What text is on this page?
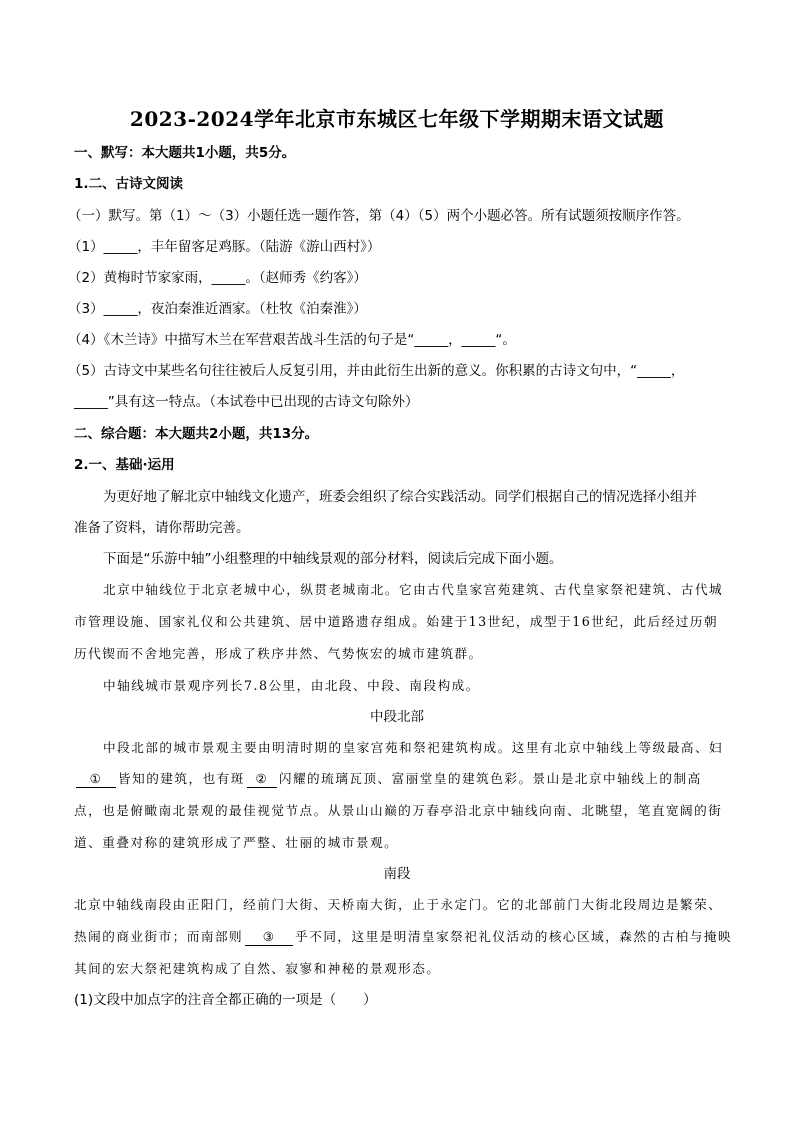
2023-2024学年北京市东城区七年级下学期期末语文试题
一、默写：本大题共1小题，共5分。
1.二、古诗文阅读
（一）默写。第（1）～（3）小题任选一题作答，第（4）（5）两个小题必答。所有试题须按顺序作答。
（1）_____，丰年留客足鸡豚。（陆游《游山西村》）
（2）黄梅时节家家雨，_____。（赵师秀《约客》）
（3）_____，夜泊秦淮近酒家。（杜牧《泊秦淮》）
（4）《木兰诗》中描写木兰在军营艰苦战斗生活的句子是“_____，_____“。
（5）古诗文中某些名句往往被后人反复引用，并由此衍生出新的意义。你积累的古诗文句中，“_____，
_____”具有这一特点。（本试卷中已出现的古诗文句除外）
二、综合题：本大题共2小题，共13分。
2.一、基础·运用
为更好地了解北京中轴线文化遗产，班委会组织了综合实践活动。同学们根据自己的情况选择小组并
准备了资料，请你帮助完善。
下面是“乐游中轴”小组整理的中轴线景观的部分材料，阅读后完成下面小题。
北京中轴线位于北京老城中心，纵贯老城南北。它由古代皇家宫苑建筑、古代皇家祭祀建筑、古代城
市管理设施、国家礼仪和公共建筑、居中道路遗存组成。始建于13世纪，成型于16世纪，此后经过历朝
历代锲而不舍地完善，形成了秩序井然、气势恢宏的城市建筑群。
中轴线城市景观序列长7.8公里，由北段、中段、南段构成。
中段北部
中段北部的城市景观主要由明清时期的皇家宫苑和祭祀建筑构成。这里有北京中轴线上等级最高、妇
① 皆知的建筑，也有斑 ② 闪耀的琉璃瓦顶、富丽堂皇的建筑色彩。景山是北京中轴线上的制高
点，也是俯瞰南北景观的最佳视觉节点。从景山山巅的万春亭沿北京中轴线向南、北眺望，笔直宽阔的街
道、重叠对称的建筑形成了严整、壮丽的城市景观。
南段
北京中轴线南段由正阳门，经前门大街、天桥南大街，止于永定门。它的北部前门大街北段周边是繁荣、
热闹的商业街市；而南部则 ③ 乎不同，这里是明清皇家祭祀礼仪活动的核心区域，森然的古柏与掩映
其间的宏大祭祀建筑构成了自然、寂寥和神秘的景观形态。
(1)文段中加点字的注音全都正确的一项是（　　）
